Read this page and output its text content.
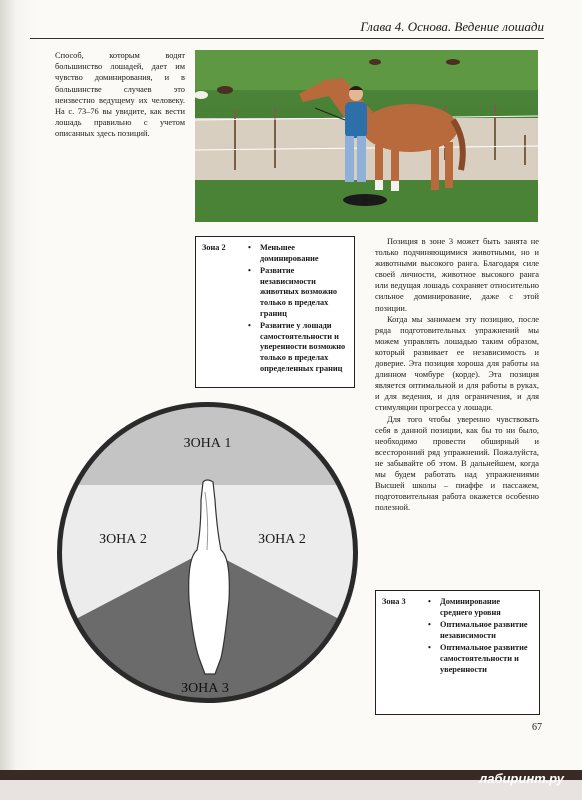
Глава 4. Основа. Ведение лошади
Способ, которым водят большинство лошадей, дает им чувство доминирования, и в большинстве случаев это неизвестно ведущему их человеку. На с. 73–76 вы увидите, как вести лошадь правильно с учетом описанных здесь позиций.
Зона 2	• Меньшее доминирование
• Развитие независимости животных возможно только в пределах границ
• Развитие у лошади самостоятельности и уверенности возможно только в пределах определенных границ

Позиция в зоне 3 может быть занята не только подчиняющимися животными, но и животными высокого ранга. Благодаря силе своей личности, животное высокого ранга или ведущая лошадь сохраняет относительно сильное доминирование, даже с этой позиции.

Когда мы занимаем эту позицию, после ряда подготовительных упражнений мы можем управлять лошадью таким образом, который развивает ее независимость и доверие. Эта позиция хороша для работы на длинном чомбуре (корде). Эта позиция является оптимальной и для работы в руках, и для ведения, и для ограничения, и для стимуляции прогресса у лошади.

Для того чтобы уверенно чувствовать себя в данной позиции, как бы то ни было, необходимо провести обширный и всесторонний ряд упражнений. Пожалуйста, не забывайте об этом. В дальнейшем, когда мы будем работать над упражнениями Высшей школы – пиаффе и пассажем, подготовительная работа окажется особенно полезной.

ЗОНА 1
ЗОНА 2	ЗОНА 2
ЗОНА 3
Зона 3	• Доминирование среднего уровня
• Оптимальное развитие независимости
• Оптимальное развитие самостоятельности и уверенности
67
лабиринт.ру
